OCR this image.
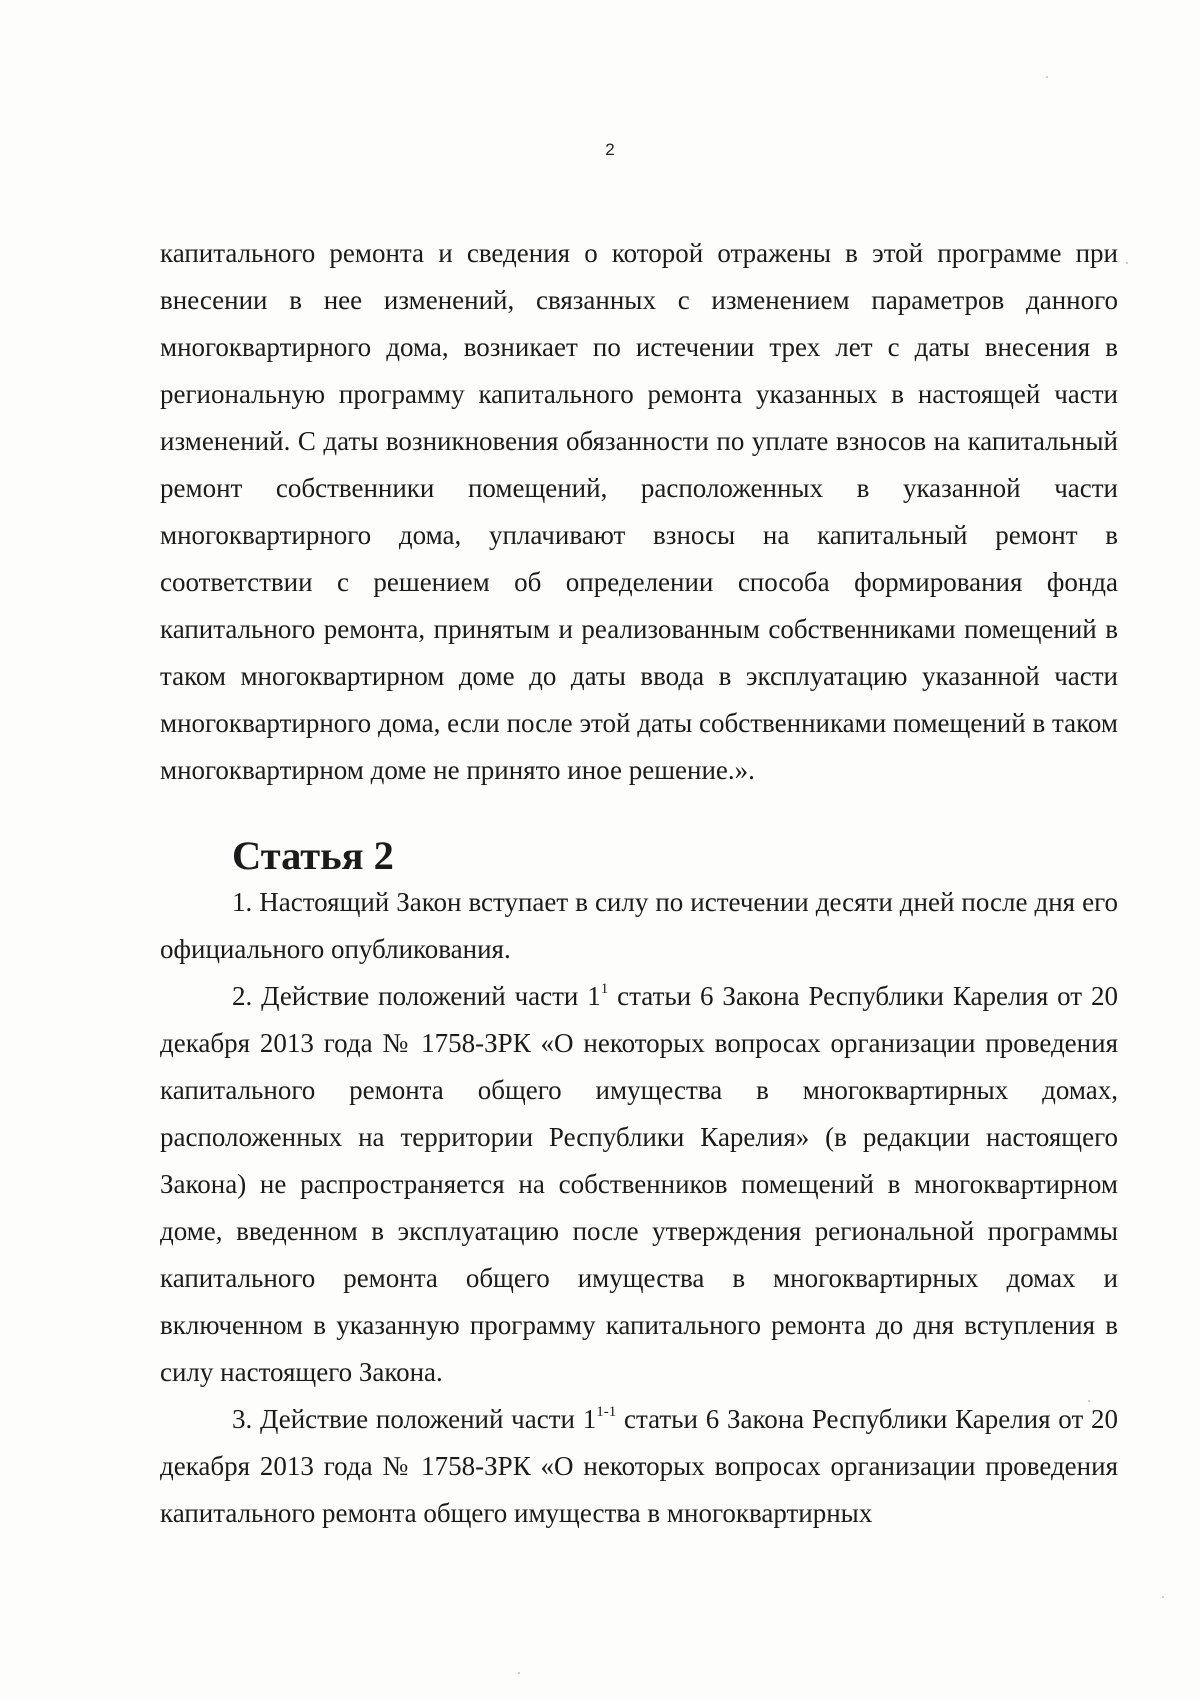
2

капитального ремонта и сведения о которой отражены в этой программе при внесении в нее изменений, связанных с изменением параметров данного многоквартирного дома, возникает по истечении трех лет с даты внесения в региональную программу капитального ремонта указанных в настоящей части изменений. С даты возникновения обязанности по уплате взносов на капитальный ремонт собственники помещений, расположенных в указанной части многоквартирного дома, уплачивают взносы на капитальный ремонт в соответствии с решением об определении способа формирования фонда капитального ремонта, принятым и реализованным собственниками помещений в таком многоквартирном доме до даты ввода в эксплуатацию указанной части многоквартирного дома, если после этой даты собственниками помещений в таком многоквартирном доме не принято иное решение.».

Статья 2

1. Настоящий Закон вступает в силу по истечении десяти дней после дня его официального опубликования.

2. Действие положений части $1^1$ статьи 6 Закона Республики Карелия от 20 декабря 2013 года № 1758-ЗРК «О некоторых вопросах организации проведения капитального ремонта общего имущества в многоквартирных домах, расположенных на территории Республики Карелия» (в редакции настоящего Закона) не распространяется на собственников помещений в многоквартирном доме, введенном в эксплуатацию после утверждения региональной программы капитального ремонта общего имущества в многоквартирных домах и включенном в указанную программу капитального ремонта до дня вступления в силу настоящего Закона.

3. Действие положений части 1$^{1-1}$ статьи 6 Закона Республики Карелия от 20 декабря 2013 года № 1758-ЗРК «О некоторых вопросах организации проведения капитального ремонта общего имущества в многоквартирных
